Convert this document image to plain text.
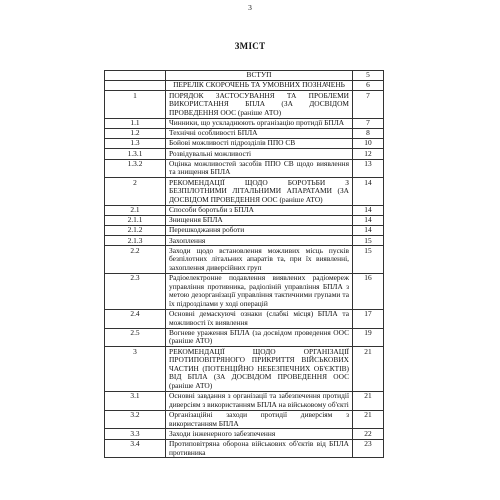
3
ЗМІСТ
	ВСТУП	5
	ПЕРЕЛІК СКОРОЧЕНЬ ТА УМОВНИХ ПОЗНАЧЕНЬ	6
1	ПОРЯДОК ЗАСТОСУВАННЯ ТА ПРОБЛЕМИ ВИКОРИСТАННЯ БПЛА (ЗА ДОСВІДОМ ПРОВЕДЕННЯ ООС (раніше АТО)	7
1.1	Чинники, що ускладнюють організацію протидії БПЛА	7
1.2	Технічні особливості БПЛА	8
1.3	Бойові можливості підрозділів ППО СВ	10
1.3.1	Розвідувальні можливості	12
1.3.2	Оцінка можливостей засобів ППО СВ щодо виявлення та знищення БПЛА	13
2	РЕКОМЕНДАЦІЇ ЩОДО БОРОТЬБИ З БЕЗПІЛОТНИМИ ЛІТАЛЬНИМИ АПАРАТАМИ (ЗА ДОСВІДОМ ПРОВЕДЕННЯ ООС (раніше АТО)	14
2.1	Способи боротьби з БПЛА	14
2.1.1	Знищення БПЛА	14
2.1.2	Перешкоджання роботи	14
2.1.3	Захоплення	15
2.2	Заходи щодо встановлення можливих місць пусків безпілотних літальних апаратів та, при їх виявленні, захоплення диверсійних груп	15
2.3	Радіоелектронне подавлення виявлених радіомереж управління противника, радіоліній управління БПЛА з метою дезорганізації управління тактичними групами та їх підрозділами у ході операцій	16
2.4	Основні демаскуючі ознаки (слабкі місця) БПЛА та можливості їх виявлення	17
2.5	Вогневе ураження БПЛА (за досвідом проведення ООС (раніше АТО)	19
3	РЕКОМЕНДАЦІЇ ЩОДО ОРГАНІЗАЦІЇ ПРОТИПОВІТРЯНОГО ПРИКРИТТЯ ВІЙСЬКОВИХ ЧАСТИН (ПОТЕНЦІЙНО НЕБЕЗПЕЧНИХ ОБ'ЄКТІВ) ВІД БПЛА (ЗА ДОСВІДОМ ПРОВЕДЕННЯ ООС (раніше АТО)	21
3.1	Основні завдання з організації та забезпечення протидії диверсіям з використанням БПЛА на військовому об'єкті	21
3.2	Організаційні заходи протидії диверсіям з використанням БПЛА	21
3.3	Заходи інженерного забезпечення	22
3.4	Протиповітряна оборона військових об'єктів від БПЛА противника	23
